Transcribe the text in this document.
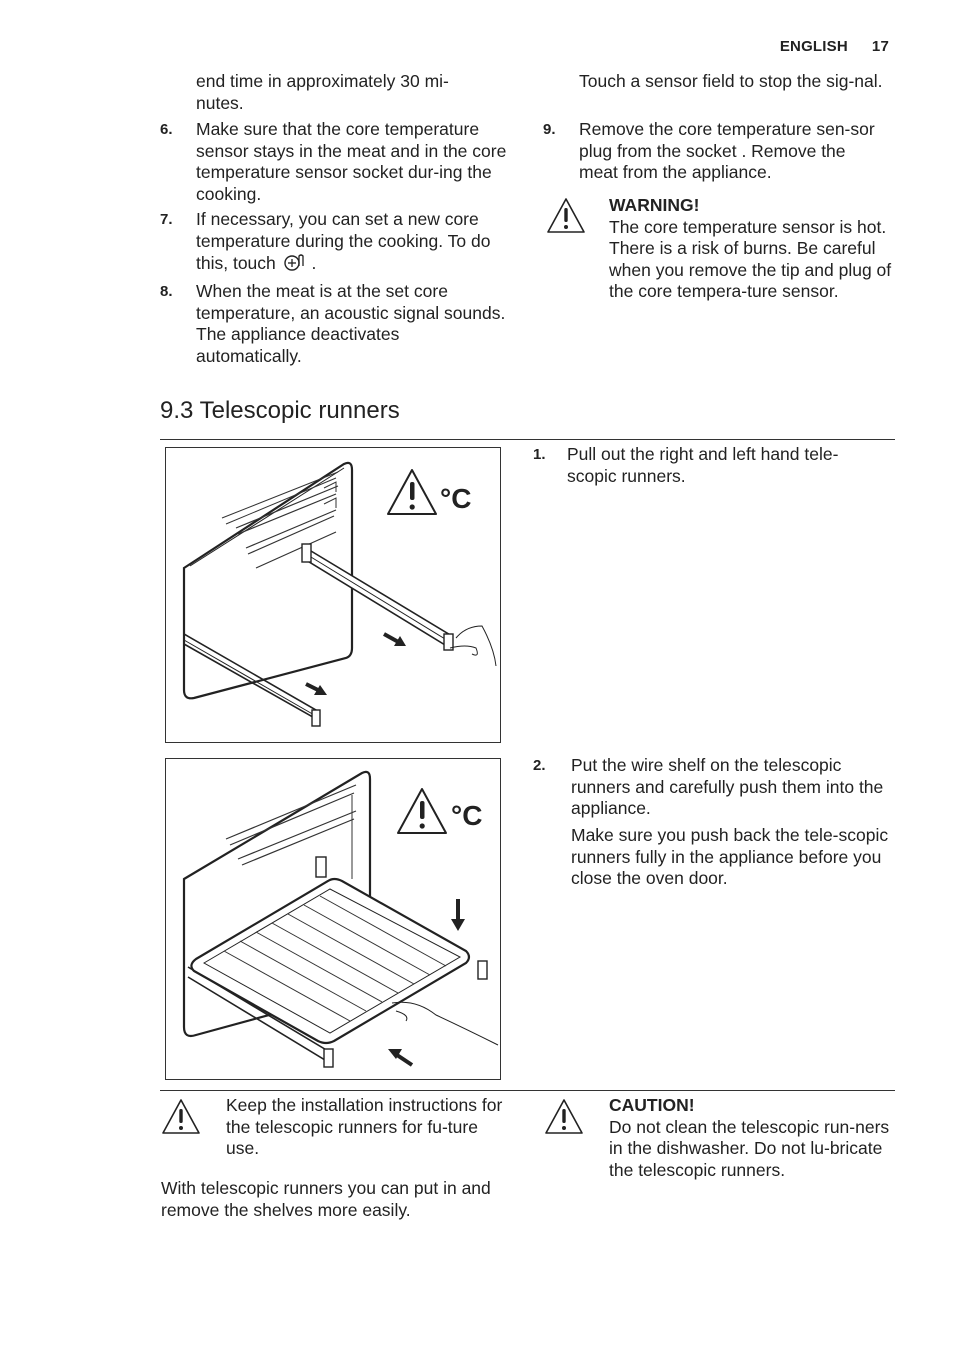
ENGLISH 17
end time in approximately 30 mi-
nutes.
6. Make sure that the core temperature sensor stays in the meat and in the core temperature sensor socket dur-ing the cooking.
7. If necessary, you can set a new core temperature during the cooking. To do this, touch .
8. When the meat is at the set core temperature, an acoustic signal sounds. The appliance deactivates automatically.
Touch a sensor field to stop the sig-nal.
9. Remove the core temperature sen-sor plug from the socket . Remove the meat from the appliance.
WARNING!
The core temperature sensor is hot. There is a risk of burns. Be careful when you remove the tip and plug of the core tempera-ture sensor.
9.3 Telescopic runners
°C
1. Pull out the right and left hand tele-scopic runners.
°C
2. Put the wire shelf on the telescopic runners and carefully push them into the appliance.
Make sure you push back the tele-scopic runners fully in the appliance before you close the oven door.
Keep the installation instructions for the telescopic runners for fu-ture use.
With telescopic runners you can put in and remove the shelves more easily.
CAUTION!
Do not clean the telescopic run-ners in the dishwasher. Do not lu-bricate the telescopic runners.
